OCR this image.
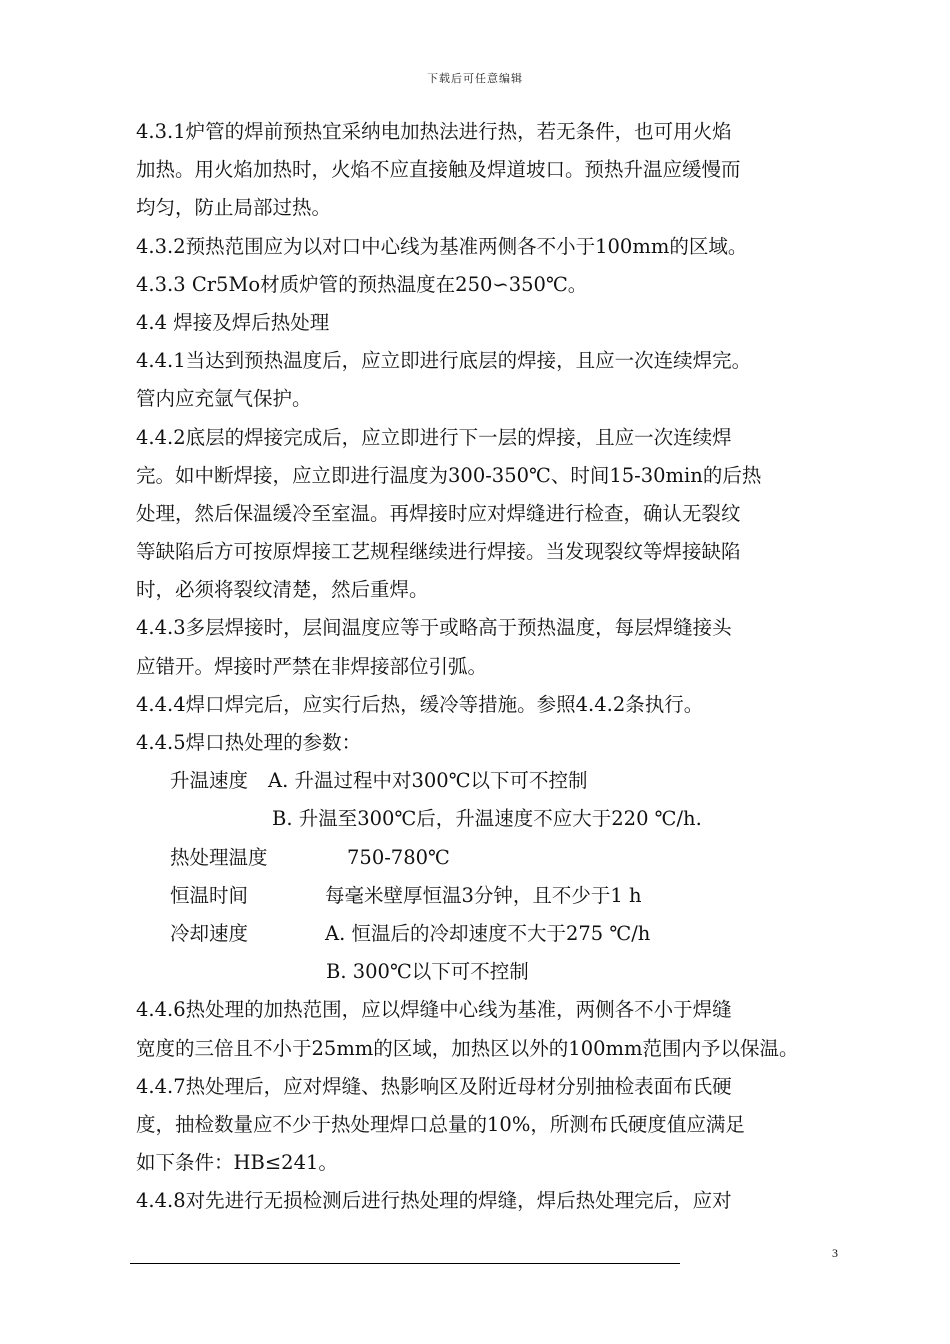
下载后可任意编辑
4.3.1炉管的焊前预热宜采纳电加热法进行热，若无条件，也可用火焰
加热。用火焰加热时，火焰不应直接触及焊道坡口。预热升温应缓慢而
均匀，防止局部过热。
4.3.2预热范围应为以对口中心线为基准两侧各不小于100mm的区域。
4.3.3 Cr5Mo材质炉管的预热温度在250∽350℃。
4.4 焊接及焊后热处理
4.4.1当达到预热温度后，应立即进行底层的焊接，且应一次连续焊完。
管内应充氩气保护。
4.4.2底层的焊接完成后，应立即进行下一层的焊接，且应一次连续焊
完。如中断焊接，应立即进行温度为300-350℃、时间15-30min的后热
处理，然后保温缓冷至室温。再焊接时应对焊缝进行检查，确认无裂纹
等缺陷后方可按原焊接工艺规程继续进行焊接。当发现裂纹等焊接缺陷
时，必须将裂纹清楚，然后重焊。
4.4.3多层焊接时，层间温度应等于或略高于预热温度，每层焊缝接头
应错开。焊接时严禁在非焊接部位引弧。
4.4.4焊口焊完后，应实行后热，缓冷等措施。参照4.4.2条执行。
4.4.5焊口热处理的参数：
升温速度	A. 升温过程中对300℃以下可不控制
B. 升温至300℃后，升温速度不应大于220 ℃/h.
热处理温度	750-780℃
恒温时间	每毫米壁厚恒温3分钟，且不少于1 h
冷却速度	A. 恒温后的冷却速度不大于275 ℃/h
B. 300℃以下可不控制
4.4.6热处理的加热范围，应以焊缝中心线为基准，两侧各不小于焊缝
宽度的三倍且不小于25mm的区域，加热区以外的100mm范围内予以保温。
4.4.7热处理后，应对焊缝、热影响区及附近母材分别抽检表面布氏硬
度，抽检数量应不少于热处理焊口总量的10%，所测布氏硬度值应满足
如下条件：HB≤241。
4.4.8对先进行无损检测后进行热处理的焊缝，焊后热处理完后，应对
3
